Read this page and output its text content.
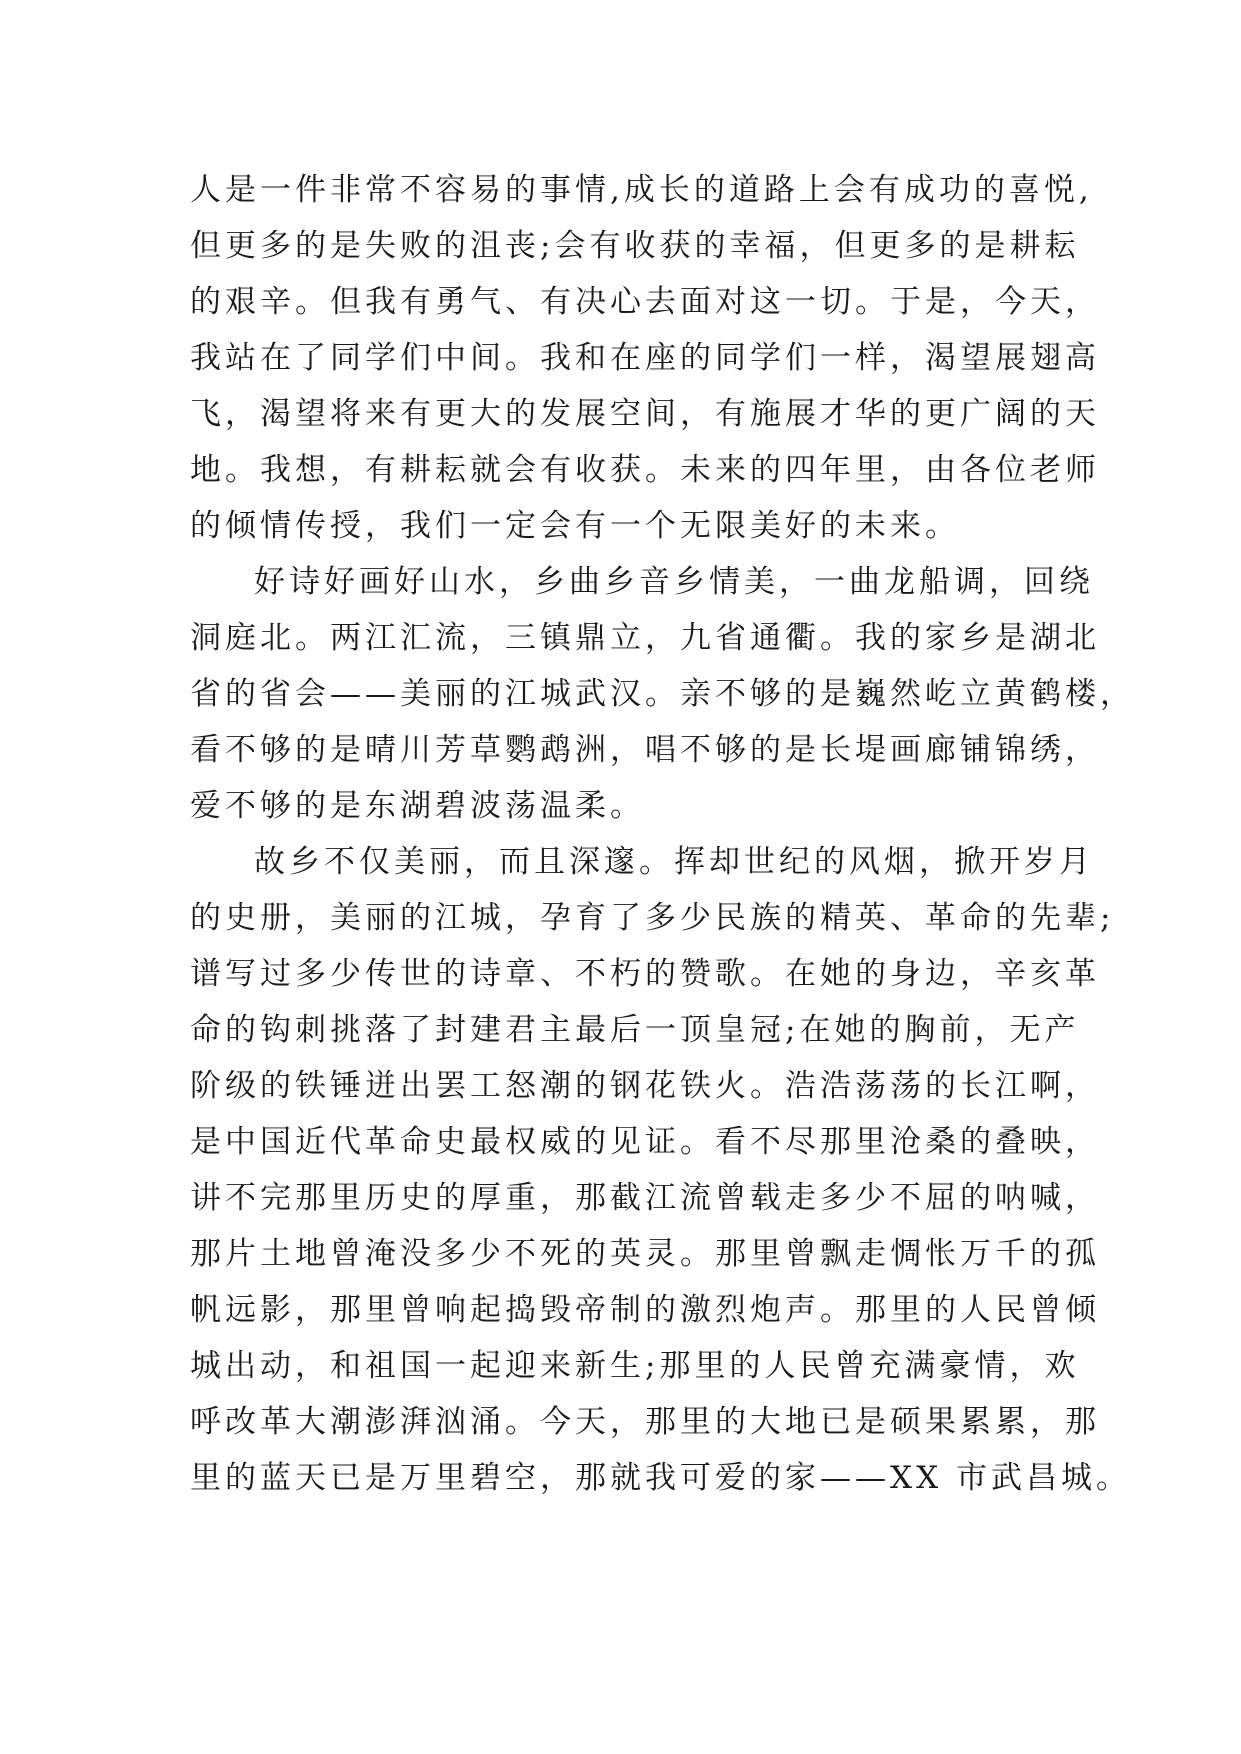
人是一件非常不容易的事情,成长的道路上会有成功的喜悦,
但更多的是失败的沮丧;会有收获的幸福，但更多的是耕耘
的艰辛。但我有勇气、有决心去面对这一切。于是，今天，
我站在了同学们中间。我和在座的同学们一样，渴望展翅高
飞，渴望将来有更大的发展空间，有施展才华的更广阔的天
地。我想，有耕耘就会有收获。未来的四年里，由各位老师
的倾情传授，我们一定会有一个无限美好的未来。
好诗好画好山水，乡曲乡音乡情美，一曲龙船调，回绕
洞庭北。两江汇流，三镇鼎立，九省通衢。我的家乡是湖北
省的省会——美丽的江城武汉。亲不够的是巍然屹立黄鹤楼，
看不够的是晴川芳草鹦鹉洲，唱不够的是长堤画廊铺锦绣，
爱不够的是东湖碧波荡温柔。
故乡不仅美丽，而且深邃。挥却世纪的风烟，掀开岁月
的史册，美丽的江城，孕育了多少民族的精英、革命的先辈;
谱写过多少传世的诗章、不朽的赞歌。在她的身边，辛亥革
命的钩刺挑落了封建君主最后一顶皇冠;在她的胸前，无产
阶级的铁锤迸出罢工怒潮的钢花铁火。浩浩荡荡的长江啊，
是中国近代革命史最权威的见证。看不尽那里沧桑的叠映，
讲不完那里历史的厚重，那截江流曾载走多少不屈的呐喊，
那片土地曾淹没多少不死的英灵。那里曾飘走惆怅万千的孤
帆远影，那里曾响起捣毁帝制的激烈炮声。那里的人民曾倾
城出动，和祖国一起迎来新生;那里的人民曾充满豪情，欢
呼改革大潮澎湃汹涌。今天，那里的大地已是硕果累累，那
里的蓝天已是万里碧空，那就我可爱的家——XX 市武昌城。
